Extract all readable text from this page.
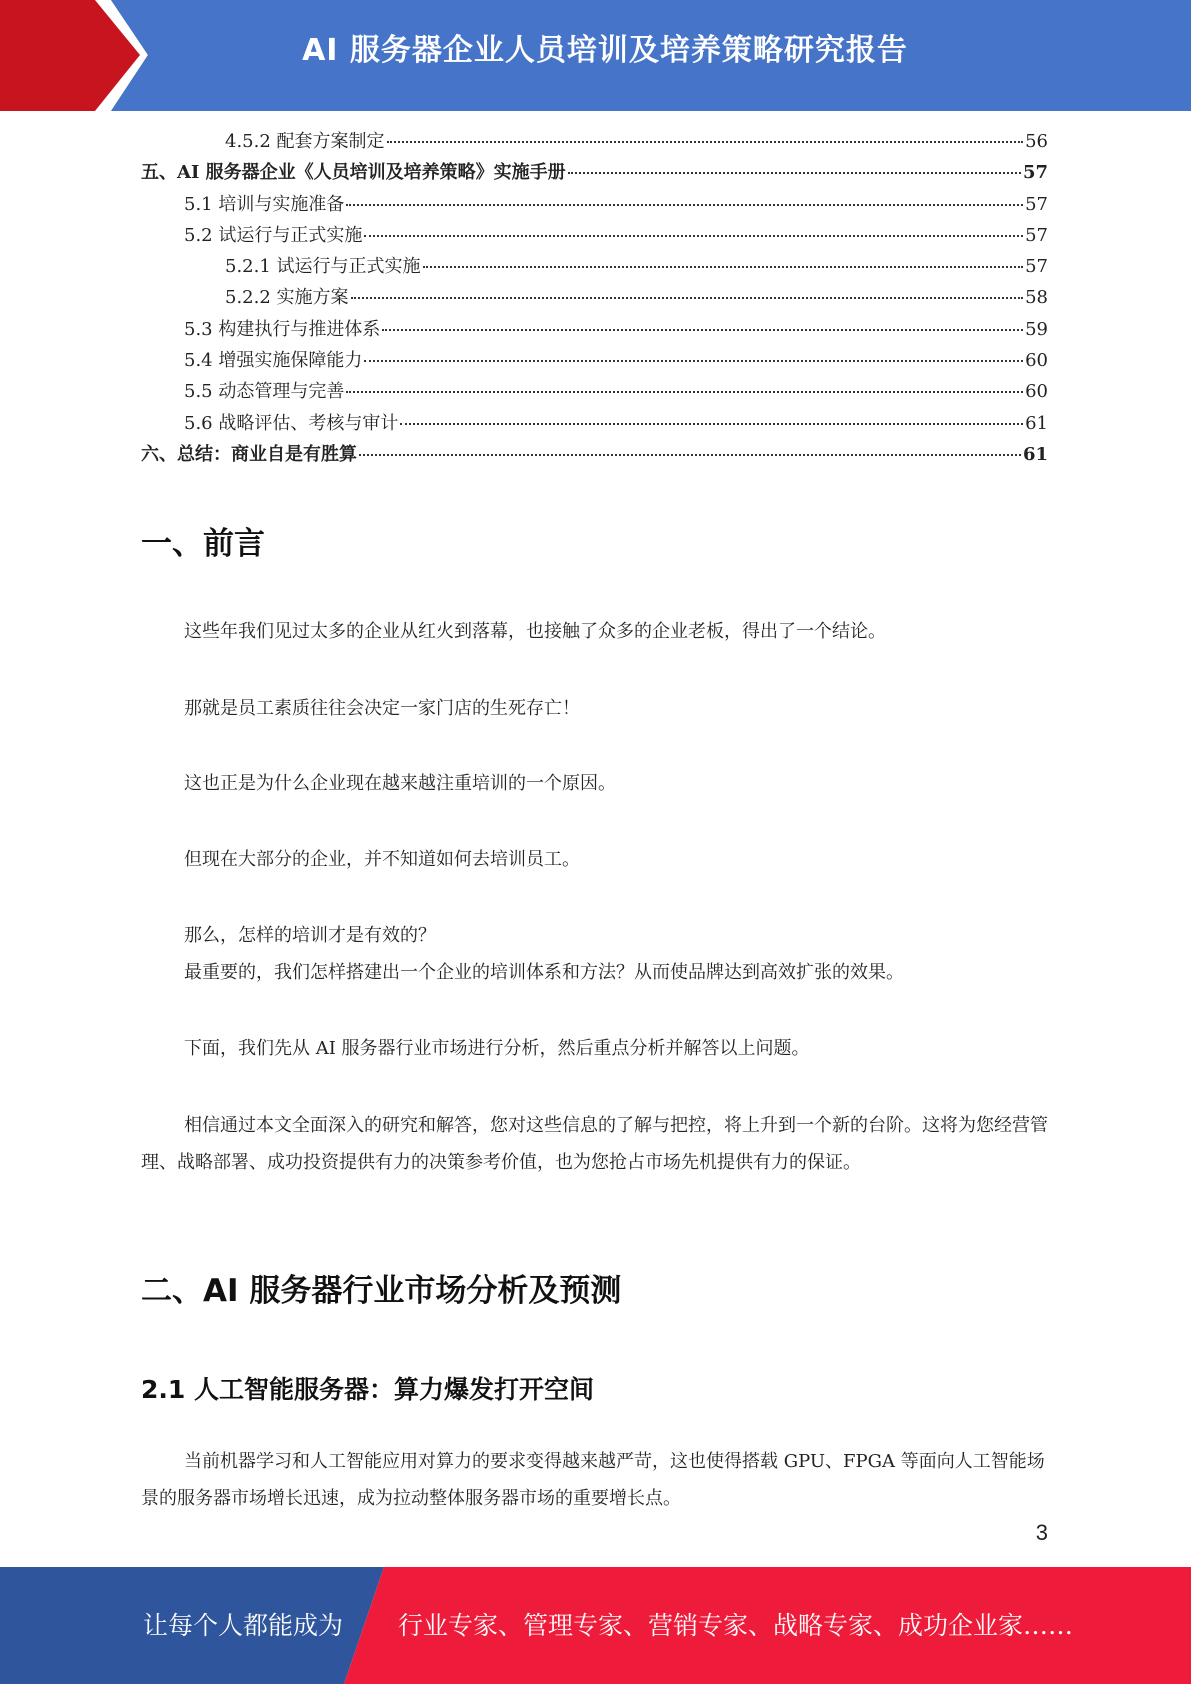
AI 服务器企业人员培训及培养策略研究报告
4.5.2 配套方案制定	56
五、AI 服务器企业《人员培训及培养策略》实施手册	57
5.1 培训与实施准备	57
5.2 试运行与正式实施	57
5.2.1 试运行与正式实施	57
5.2.2 实施方案	58
5.3 构建执行与推进体系	59
5.4 增强实施保障能力	60
5.5 动态管理与完善	60
5.6 战略评估、考核与审计	61
六、总结：商业自是有胜算	61
一、前言
这些年我们见过太多的企业从红火到落幕，也接触了众多的企业老板，得出了一个结论。
那就是员工素质往往会决定一家门店的生死存亡！
这也正是为什么企业现在越来越注重培训的一个原因。
但现在大部分的企业，并不知道如何去培训员工。
那么，怎样的培训才是有效的？
最重要的，我们怎样搭建出一个企业的培训体系和方法？从而使品牌达到高效扩张的效果。
下面，我们先从 AI 服务器行业市场进行分析，然后重点分析并解答以上问题。
相信通过本文全面深入的研究和解答，您对这些信息的了解与把控，将上升到一个新的台阶。这将为您经营管理、战略部署、成功投资提供有力的决策参考价值，也为您抢占市场先机提供有力的保证。
二、AI 服务器行业市场分析及预测
2.1 人工智能服务器：算力爆发打开空间
当前机器学习和人工智能应用对算力的要求变得越来越严苛，这也使得搭载 GPU、FPGA 等面向人工智能场景的服务器市场增长迅速，成为拉动整体服务器市场的重要增长点。
3
让每个人都能成为 行业专家、管理专家、营销专家、战略专家、成功企业家……
